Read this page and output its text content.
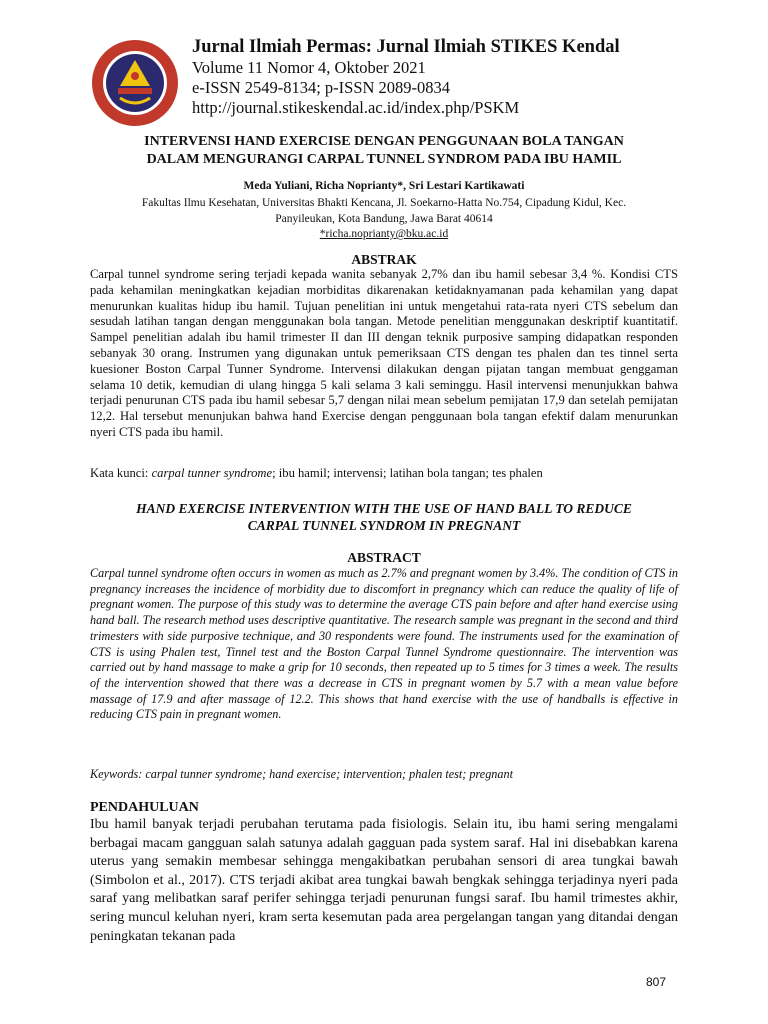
Jurnal Ilmiah Permas: Jurnal Ilmiah STIKES Kendal
Volume 11 Nomor 4, Oktober 2021
e-ISSN 2549-8134; p-ISSN 2089-0834
http://journal.stikeskendal.ac.id/index.php/PSKM
INTERVENSI HAND EXERCISE DENGAN PENGGUNAAN BOLA TANGAN
DALAM MENGURANGI CARPAL TUNNEL SYNDROM PADA IBU HAMIL
Meda Yuliani, Richa Noprianty*, Sri Lestari Kartikawati
Fakultas Ilmu Kesehatan, Universitas Bhakti Kencana, Jl. Soekarno-Hatta No.754, Cipadung Kidul, Kec.
Panyileukan, Kota Bandung, Jawa Barat 40614
*richa.noprianty@bku.ac.id
ABSTRAK
Carpal tunnel syndrome sering terjadi kepada wanita sebanyak 2,7% dan ibu hamil sebesar 3,4 %. Kondisi CTS pada kehamilan meningkatkan kejadian morbiditas dikarenakan ketidaknyamanan pada kehamilan yang dapat menurunkan kualitas hidup ibu hamil. Tujuan penelitian ini untuk mengetahui rata-rata nyeri CTS sebelum dan sesudah latihan tangan dengan menggunakan bola tangan. Metode penelitian menggunakan deskriptif kuantitatif. Sampel penelitian adalah ibu hamil trimester II dan III dengan teknik purposive samping didapatkan responden sebanyak 30 orang. Instrumen yang digunakan untuk pemeriksaan CTS dengan tes phalen dan tes tinnel serta kuesioner Boston Carpal Tunner Syndrome. Intervensi dilakukan dengan pijatan tangan membuat genggaman selama 10 detik, kemudian di ulang hingga 5 kali selama 3 kali seminggu. Hasil intervensi menunjukkan bahwa terjadi penurunan CTS pada ibu hamil sebesar 5,7 dengan nilai mean sebelum pemijatan 17,9 dan setelah pemijatan 12,2. Hal tersebut menunjukan bahwa hand Exercise dengan penggunaan bola tangan efektif dalam menurunkan nyeri CTS pada ibu hamil.
Kata kunci: carpal tunner syndrome; ibu hamil; intervensi; latihan bola tangan; tes phalen
HAND EXERCISE INTERVENTION WITH THE USE OF HAND BALL TO REDUCE
CARPAL TUNNEL SYNDROM IN PREGNANT
ABSTRACT
Carpal tunnel syndrome often occurs in women as much as 2.7% and pregnant women by 3.4%. The condition of CTS in pregnancy increases the incidence of morbidity due to discomfort in pregnancy which can reduce the quality of life of pregnant women. The purpose of this study was to determine the average CTS pain before and after hand exercise using hand ball. The research method uses descriptive quantitative. The research sample was pregnant in the second and third trimesters with side purposive technique, and 30 respondents were found. The instruments used for the examination of CTS is using Phalen test, Tinnel test and the Boston Carpal Tunnel Syndrome questionnaire. The intervention was carried out by hand massage to make a grip for 10 seconds, then repeated up to 5 times for 3 times a week. The results of the intervention showed that there was a decrease in CTS in pregnant women by 5.7 with a mean value before massage of 17.9 and after massage of 12.2. This shows that hand exercise with the use of handballs is effective in reducing CTS pain in pregnant women.
Keywords: carpal tunner syndrome; hand exercise; intervention; phalen test; pregnant
PENDAHULUAN
Ibu hamil banyak terjadi perubahan terutama pada fisiologis. Selain itu, ibu hami sering mengalami berbagai macam gangguan salah satunya adalah gagguan pada system saraf. Hal ini disebabkan karena uterus yang semakin membesar sehingga mengakibatkan perubahan sensori di area tungkai bawah (Simbolon et al., 2017). CTS terjadi akibat area tungkai bawah bengkak sehingga terjadinya nyeri pada saraf yang melibatkan saraf perifer sehingga terjadi penurunan fungsi saraf. Ibu hamil trimestes akhir, sering muncul keluhan nyeri, kram serta kesemutan pada area pergelangan tangan yang ditandai dengan peningkatan tekanan pada
807
